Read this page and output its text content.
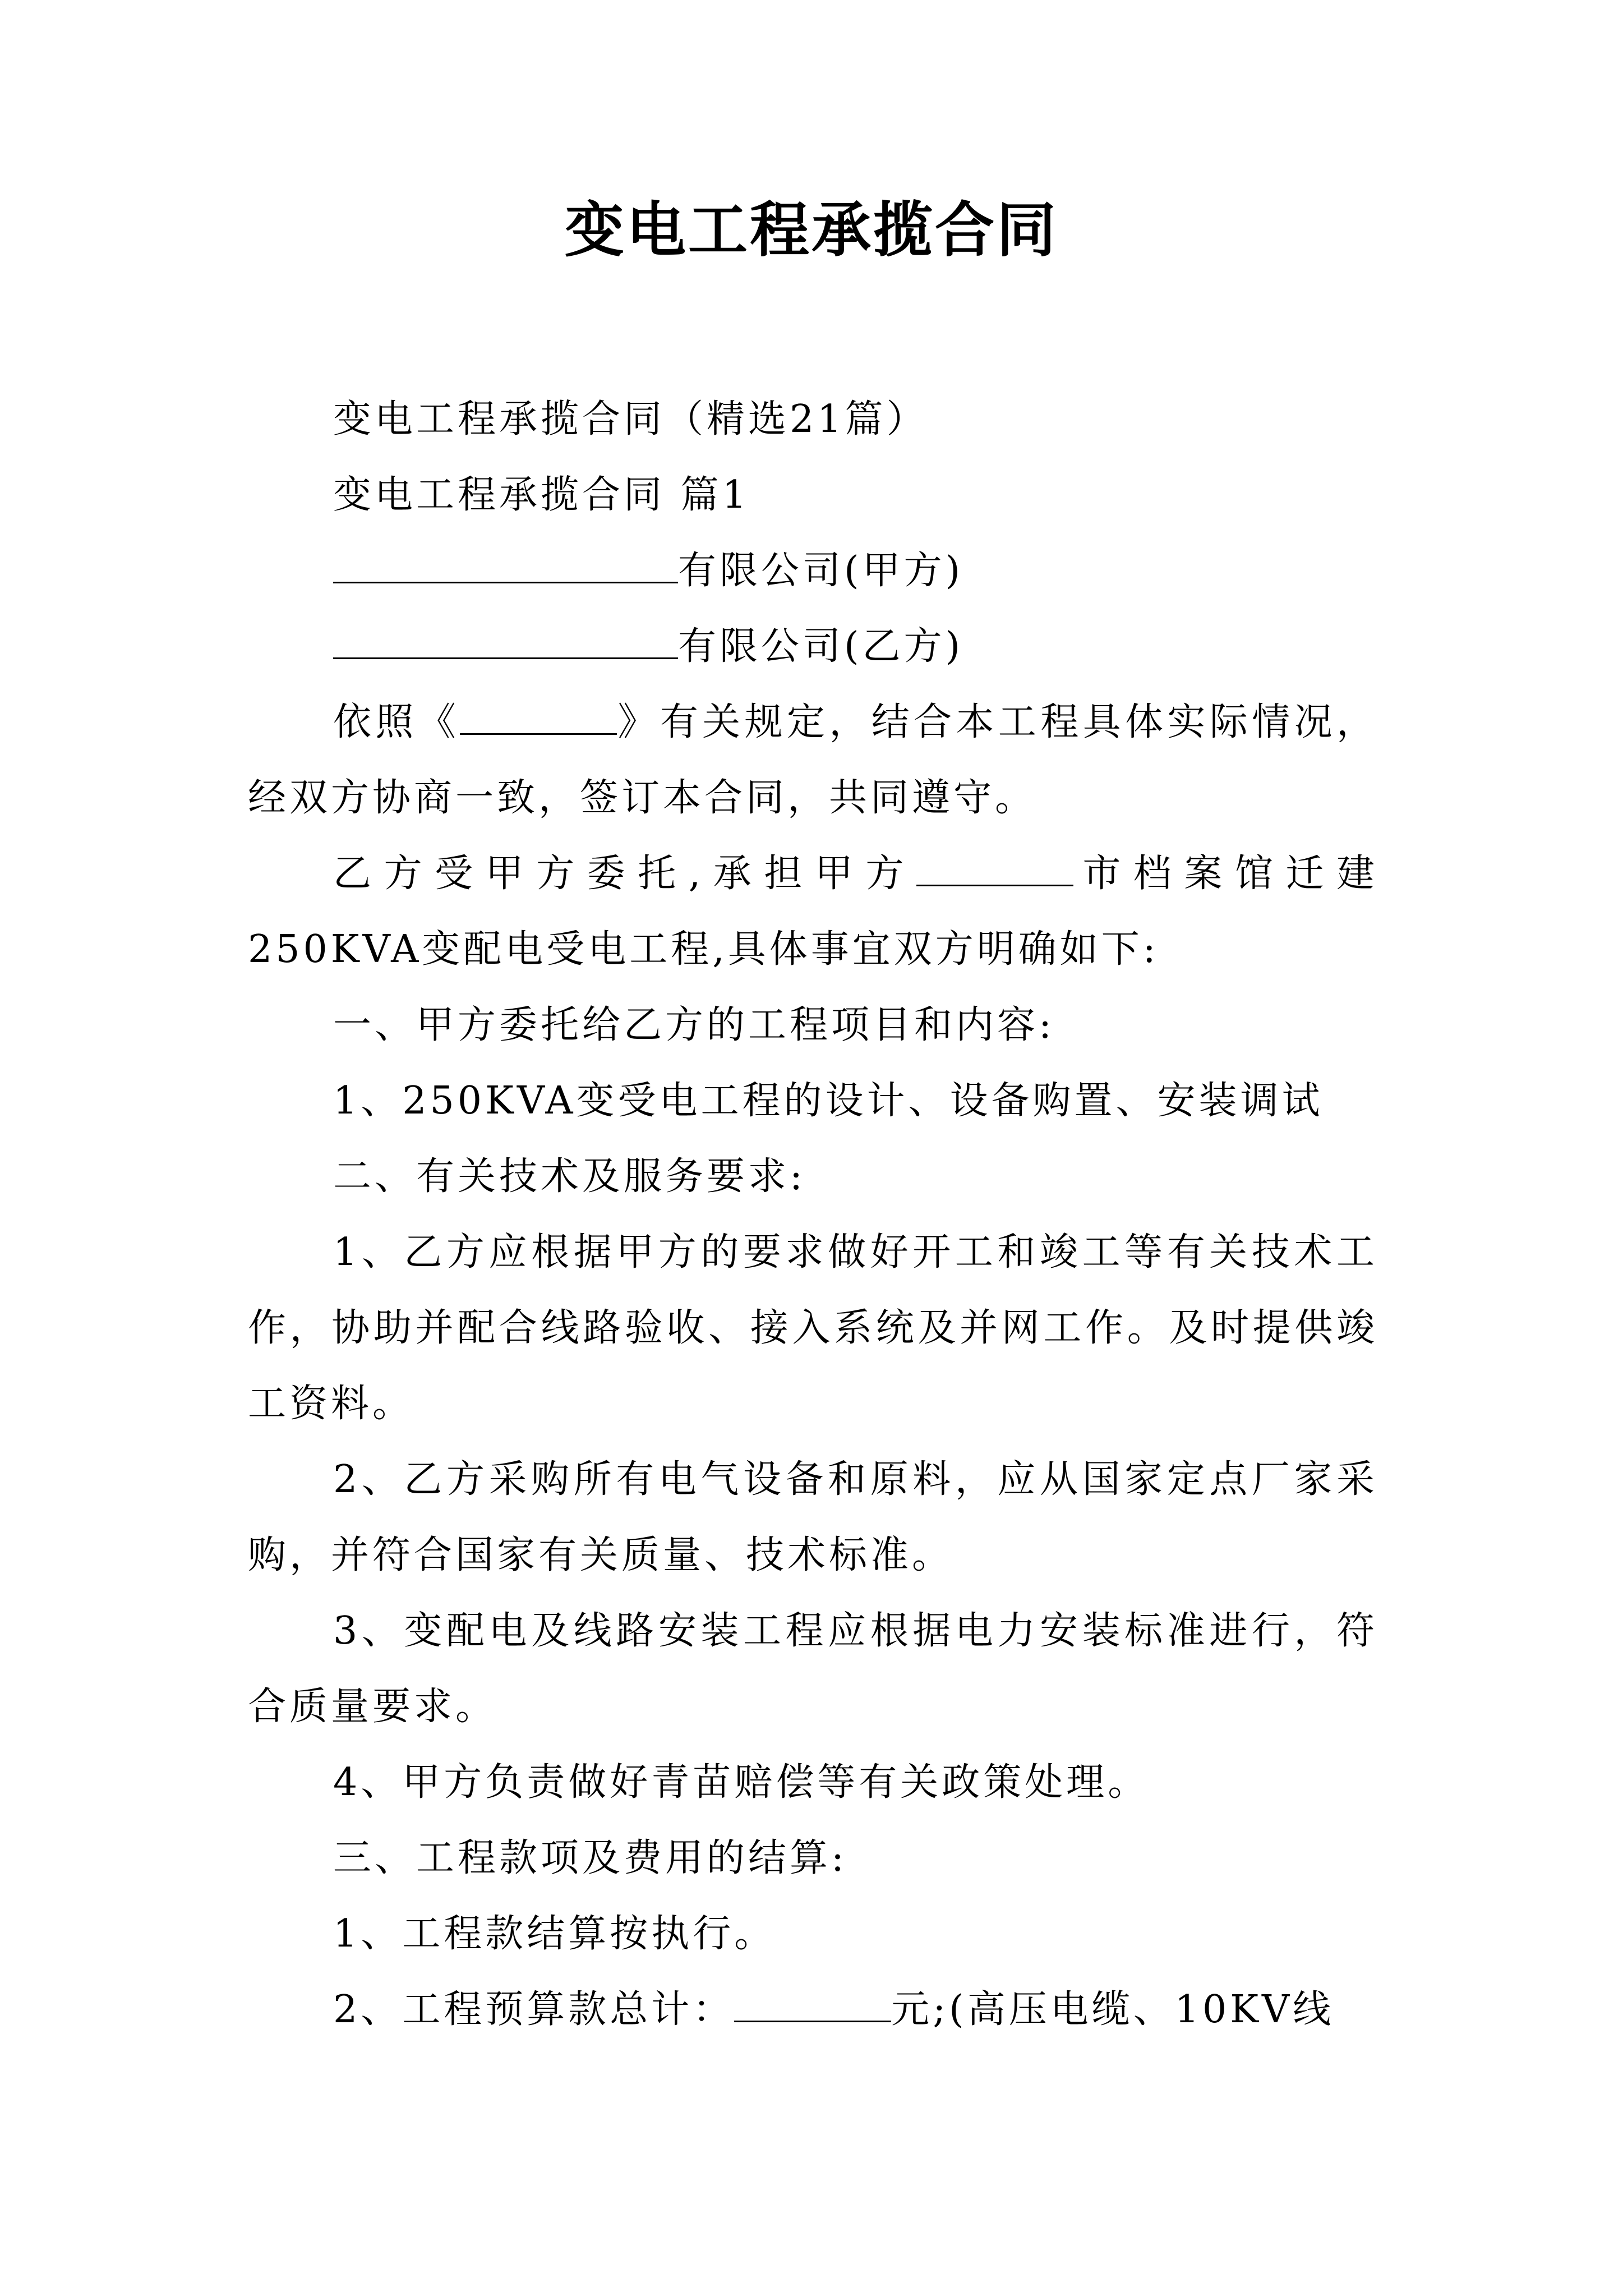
变电工程承揽合同

变电工程承揽合同（精选21篇）

变电工程承揽合同 篇1

有限公司(甲方)

有限公司(乙方)

依照《	》有关规定，结合本工程具体实际情况，经双方协商一致，签订本合同，共同遵守。

乙方受甲方委托,承担甲方	市档案馆迁建250KVA变配电受电工程,具体事宜双方明确如下:

一、甲方委托给乙方的工程项目和内容:

1、250KVA变受电工程的设计、设备购置、安装调试

二、有关技术及服务要求:

1、乙方应根据甲方的要求做好开工和竣工等有关技术工作，协助并配合线路验收、接入系统及并网工作。及时提供竣工资料。

2、乙方采购所有电气设备和原料，应从国家定点厂家采购，并符合国家有关质量、技术标准。

3、变配电及线路安装工程应根据电力安装标准进行，符合质量要求。

4、甲方负责做好青苗赔偿等有关政策处理。

三、工程款项及费用的结算:

1、工程款结算按执行。

2、工程预算款总计：	元;(高压电缆、10KV线
